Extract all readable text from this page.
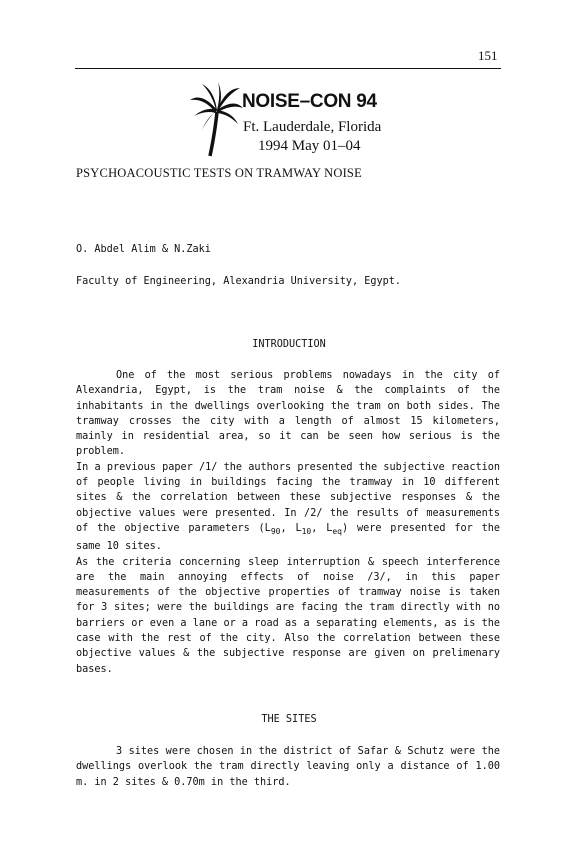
151
NOISE–CON 94
Ft. Lauderdale, Florida
1994 May 01–04
PSYCHOACOUSTIC TESTS ON TRAMWAY NOISE
O. Abdel Alim & N.Zaki
Faculty of Engineering, Alexandria University, Egypt.
INTRODUCTION

One of the most serious problems nowadays in the city of Alexandria, Egypt, is the tram noise & the complaints of the inhabitants in the dwellings overlooking the tram on both sides. The tramway crosses the city with a length of almost 15 kilometers, mainly in residential area, so it can be seen how serious is the problem.

In a previous paper /1/ the authors presented the subjective reaction of people living in buildings facing the tramway in 10 different sites & the correlation between these subjective responses & the objective values were presented. In /2/ the results of measurements of the objective parameters ($L_{90}$, $L_{10}$, $L_{eq}$) were presented for the same 10 sites.

As the criteria concerning sleep interruption & speech interference are the main annoying effects of noise /3/, in this paper measurements of the objective properties of tramway noise is taken for 3 sites; were the buildings are facing the tram directly with no barriers or even a lane or a road as a separating elements, as is the case with the rest of the city. Also the correlation between these objective values & the subjective response are given on prelimenary bases.

THE SITES

3 sites were chosen in the district of Safar & Schutz were the dwellings overlook the tram directly leaving only a distance of 1.00 m. in 2 sites & 0.70m in the third.
